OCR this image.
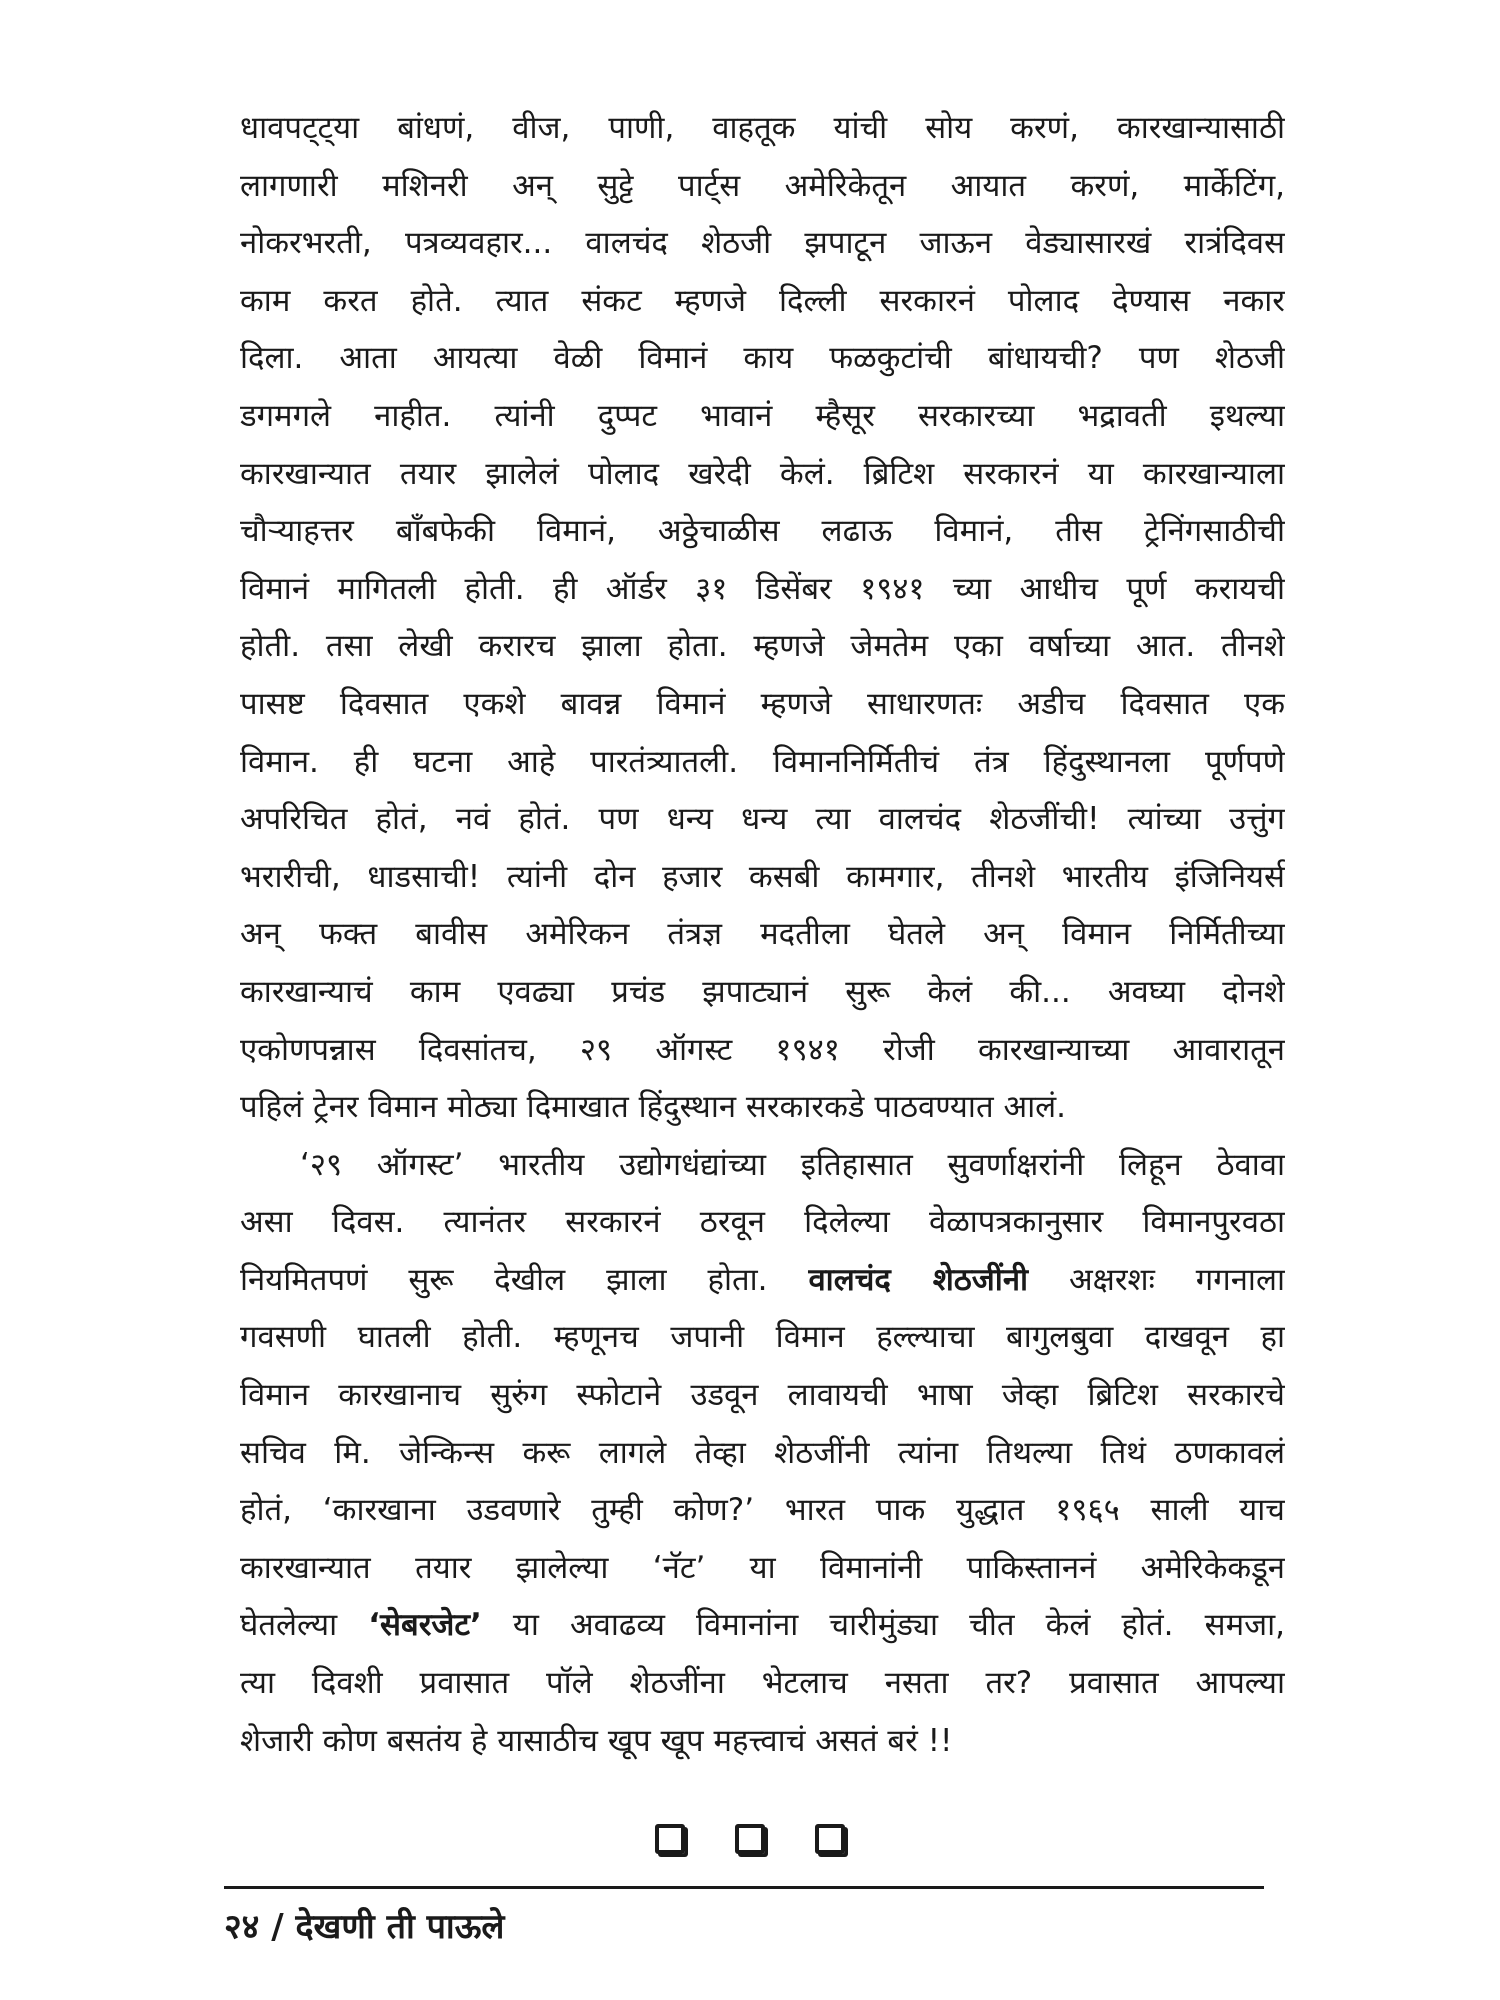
धावपट्ट्या बांधणं, वीज, पाणी, वाहतूक यांची सोय करणं, कारखान्यासाठी
लागणारी मशिनरी अन् सुट्टे पार्ट्स अमेरिकेतून आयात करणं, मार्केटिंग,
नोकरभरती, पत्रव्यवहार... वालचंद शेठजी झपाटून जाऊन वेड्यासारखं रात्रंदिवस
काम करत होते. त्यात संकट म्हणजे दिल्ली सरकारनं पोलाद देण्यास नकार
दिला. आता आयत्या वेळी विमानं काय फळकुटांची बांधायची? पण शेठजी
डगमगले नाहीत. त्यांनी दुप्पट भावानं म्हैसूर सरकारच्या भद्रावती इथल्या
कारखान्यात तयार झालेलं पोलाद खरेदी केलं. ब्रिटिश सरकारनं या कारखान्याला
चौऱ्याहत्तर बॉंबफेकी विमानं, अठ्ठेचाळीस लढाऊ विमानं, तीस ट्रेनिंगसाठीची
विमानं मागितली होती. ही ऑर्डर ३१ डिसेंबर १९४१ च्या आधीच पूर्ण करायची
होती. तसा लेखी करारच झाला होता. म्हणजे जेमतेम एका वर्षाच्या आत. तीनशे
पासष्ट दिवसात एकशे बावन्न विमानं म्हणजे साधारणतः अडीच दिवसात एक
विमान. ही घटना आहे पारतंत्र्यातली. विमाननिर्मितीचं तंत्र हिंदुस्थानला पूर्णपणे
अपरिचित होतं, नवं होतं. पण धन्य धन्य त्या वालचंद शेठजींची! त्यांच्या उत्तुंग
भरारीची, धाडसाची! त्यांनी दोन हजार कसबी कामगार, तीनशे भारतीय इंजिनियर्स
अन् फक्त बावीस अमेरिकन तंत्रज्ञ मदतीला घेतले अन् विमान निर्मितीच्या
कारखान्याचं काम एवढ्या प्रचंड झपाट्यानं सुरू केलं की... अवघ्या दोनशे
एकोणपन्नास दिवसांतच, २९ ऑगस्ट १९४१ रोजी कारखान्याच्या आवारातून
पहिलं ट्रेनर विमान मोठ्या दिमाखात हिंदुस्थान सरकारकडे पाठवण्यात आलं.
‘२९ ऑगस्ट’ भारतीय उद्योगधंद्यांच्या इतिहासात सुवर्णाक्षरांनी लिहून ठेवावा
असा दिवस. त्यानंतर सरकारनं ठरवून दिलेल्या वेळापत्रकानुसार विमानपुरवठा
नियमितपणं सुरू देखील झाला होता. वालचंद शेठजींनी अक्षरशः गगनाला
गवसणी घातली होती. म्हणूनच जपानी विमान हल्ल्याचा बागुलबुवा दाखवून हा
विमान कारखानाच सुरुंग स्फोटाने उडवून लावायची भाषा जेव्हा ब्रिटिश सरकारचे
सचिव मि. जेन्किन्स करू लागले तेव्हा शेठजींनी त्यांना तिथल्या तिथं ठणकावलं
होतं, ‘कारखाना उडवणारे तुम्ही कोण?’ भारत पाक युद्धात १९६५ साली याच
कारखान्यात तयार झालेल्या ‘नॅट’ या विमानांनी पाकिस्ताननं अमेरिकेकडून
घेतलेल्या ‘सेबरजेट’ या अवाढव्य विमानांना चारीमुंड्या चीत केलं होतं. समजा,
त्या दिवशी प्रवासात पॉले शेठजींना भेटलाच नसता तर? प्रवासात आपल्या
शेजारी कोण बसतंय हे यासाठीच खूप खूप महत्त्वाचं असतं बरं !!

२४ / देखणी ती पाऊले
